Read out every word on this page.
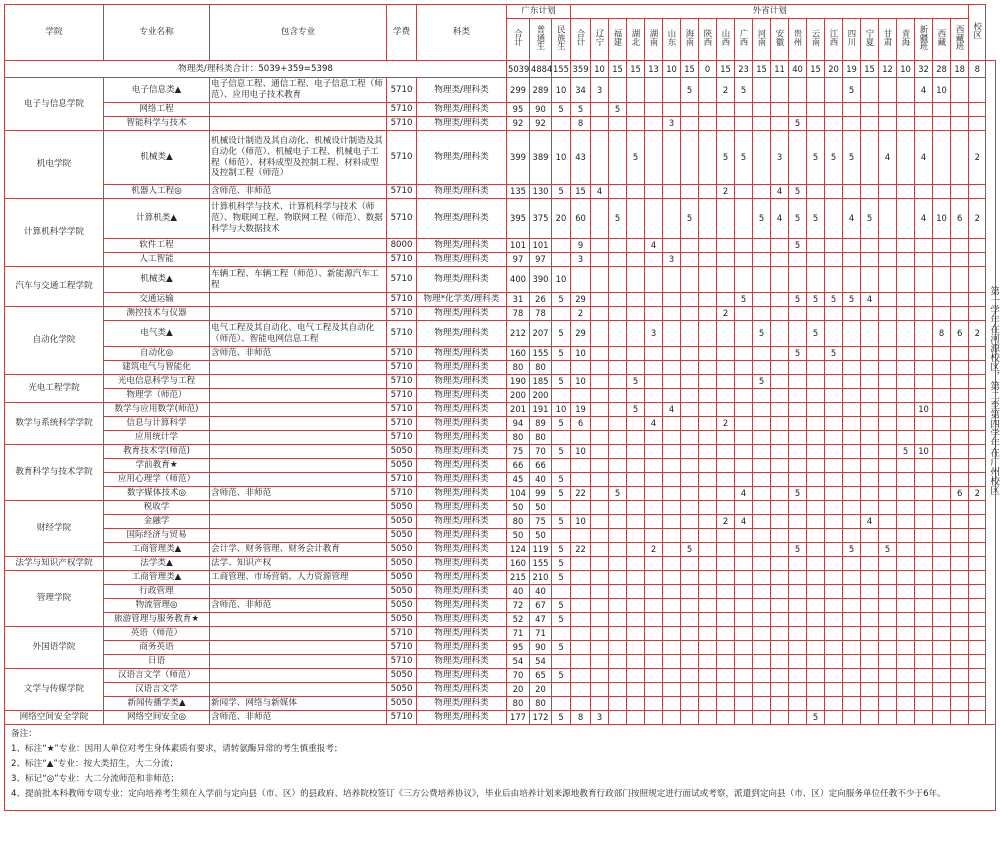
学院	专业名称	包含专业	学费	科类	广东计划			外省计划																						校区	
					合计	普通生	民族生	合计	辽宁	福建	湖北	湖南	山东	海南	陕西	山西	广西	河南	安徽	贵州	云南	江西	四川	宁夏	甘肃	青海	新疆班	西藏	西藏班		
物理类/理科类合计：5039+359=5398					5039	4884	155	359	10	15	15	13	10	15	0	15	23	15	11	40	15	20	19	15	12	10	32	28	18	8	第一学年在河源校区，第二至第四学年在广州校区
电子与信息学院	电子信息类▲	电子信息工程、通信工程、电子信息工程（师范）、应用电子技术教育	5710	物理类/理科类	299	289	10	34	3					5		2	5						5				4	10			
	网络工程		5710	物理类/理科类	95	90	5	5		5																					
	智能科学与技术		5710	物理类/理科类	92	92		8					3							5											
机电学院	机械类▲	机械设计制造及其自动化、机械设计制造及其自动化（师范）、机械电子工程、机械电子工程（师范）、材料成型及控制工程、材料成型及控制工程（师范）	5710	物理类/理科类	399	389	10	43			5					5	5		3		5	5	5		4		4			2	
	机器人工程◎	含师范、非师范	5710	物理类/理科类	135	130	5	15	4							2			4	5											
计算机科学学院	计算机类▲	计算机科学与技术、计算机科学与技术（师范）、物联网工程、物联网工程（师范）、数据科学与大数据技术	5710	物理类/理科类	395	375	20	60		5				5				5	4	5	5		4	5			4	10	6	2	
	软件工程		8000	物理类/理科类	101	101		9				4								5											
	人工智能		5710	物理类/理科类	97	97		3					3																		
汽车与交通工程学院	机械类▲	车辆工程、车辆工程（师范）、新能源汽车工程	5710	物理类/理科类	400	390	10																								
	交通运输		5710	物理*化学类/理科类	31	26	5	29									5			5	5	5	5	4							
自动化学院	测控技术与仪器		5710	物理类/理科类	78	78		2								2															
	电气类▲	电气工程及其自动化、电气工程及其自动化（师范）、智能电网信息工程	5710	物理类/理科类	212	207	5	29				3						5			5							8	6	2	
	自动化◎	含师范、非师范	5710	物理类/理科类	160	155	5	10												5		5									
	建筑电气与智能化		5710	物理类/理科类	80	80																									
光电工程学院	光电信息科学与工程		5710	物理类/理科类	190	185	5	10			5							5													
	物理学（师范）		5710	物理类/理科类	200	200																									
数学与系统科学学院	数学与应用数学(师范)		5710	物理类/理科类	201	191	10	19			5		4														10				
	信息与计算科学		5710	物理类/理科类	94	89	5	6				4				2															
	应用统计学		5710	物理类/理科类	80	80																									
教育科学与技术学院	教育技术学(师范)		5050	物理类/理科类	75	70	5	10																		5	10				
	学前教育★		5050	物理类/理科类	66	66																									
	应用心理学（师范）		5710	物理类/理科类	45	40	5																								
	数字媒体技术◎	含师范、非师范	5710	物理类/理科类	104	99	5	22		5							4			5									6	2	
财经学院	税收学		5050	物理类/理科类	50	50																									
	金融学		5050	物理类/理科类	80	75	5	10								2	4							4							
	国际经济与贸易		5050	物理类/理科类	50	50																									
	工商管理类▲	会计学、财务管理、财务会计教育	5050	物理类/理科类	124	119	5	22				2		5						5			5		5						
法学与知识产权学院	法学类▲	法学、知识产权	5050	物理类/理科类	160	155	5																								
管理学院	工商管理类▲	工商管理、市场营销、人力资源管理	5050	物理类/理科类	215	210	5																								
	行政管理		5050	物理类/理科类	40	40																									
	物流管理◎	含师范、非师范	5050	物理类/理科类	72	67	5																								
	旅游管理与服务教育★		5050	物理类/理科类	52	47	5																								
外国语学院	英语（师范）		5710	物理类/理科类	71	71																									
	商务英语		5710	物理类/理科类	95	90	5																								
	日语		5710	物理类/理科类	54	54																									
文学与传媒学院	汉语言文学（师范）		5050	物理类/理科类	70	65	5																								
	汉语言文学		5050	物理类/理科类	20	20																									
	新闻传播学类▲	新闻学、网络与新媒体	5050	物理类/理科类	80	80																									
网络空间安全学院	网络空间安全◎	含师范、非师范	5710	物理类/理科类	177	172	5	8	3												5										
备注：
1、标注“★”专业：因用人单位对考生身体素质有要求，请转氨酶异常的考生慎重报考；
2、标注“▲”专业：按大类招生，大二分流；
3、标记“◎”专业：大二分流师范和非师范；
4、提前批本科教师专项专业：定向培养考生须在入学前与定向县（市、区）的县政府、培养院校签订《三方公费培养协议》，毕业后由培养计划来源地教育行政部门按照规定进行面试或考察，派遣到定向县（市、区）定向服务单位任教不少于6年。
